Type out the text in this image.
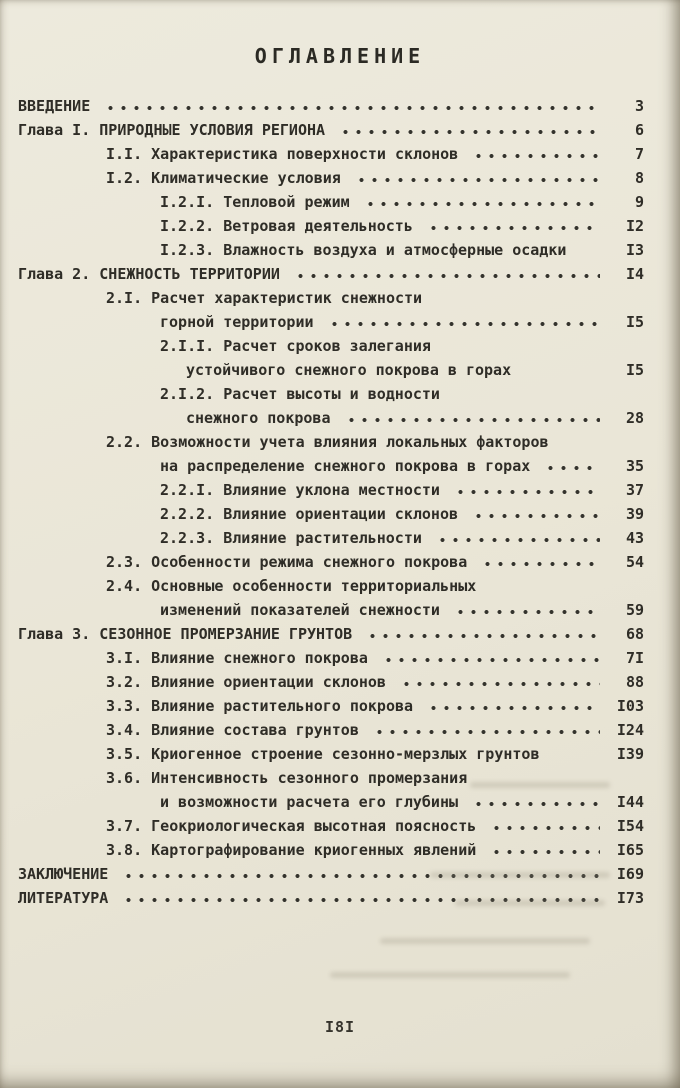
ОГЛАВЛЕНИЕ
ВВЕДЕНИЕ	3
Глава I. ПРИРОДНЫЕ УСЛОВИЯ РЕГИОНА	6
I.I. Характеристика поверхности склонов	7
I.2. Климатические условия	8
I.2.I. Тепловой режим	9
I.2.2. Ветровая деятельность	I2
I.2.3. Влажность воздуха и атмосферные осадки	I3
Глава 2. СНЕЖНОСТЬ ТЕРРИТОРИИ	I4
2.I. Расчет характеристик снежности
горной территории	I5
2.I.I. Расчет сроков залегания
устойчивого снежного покрова в горах	I5
2.I.2. Расчет высоты и водности
снежного покрова	28
2.2. Возможности учета влияния локальных факторов
на распределение снежного покрова в горах	35
2.2.I. Влияние уклона местности	37
2.2.2. Влияние ориентации склонов	39
2.2.3. Влияние растительности	43
2.3. Особенности режима снежного покрова	54
2.4. Основные особенности территориальных
изменений показателей снежности	59
Глава 3. СЕЗОННОЕ ПРОМЕРЗАНИЕ ГРУНТОВ	68
3.I. Влияние снежного покрова	7I
3.2. Влияние ориентации склонов	88
3.3. Влияние растительного покрова	I03
3.4. Влияние состава грунтов	I24
3.5. Криогенное строение сезонно-мерзлых грунтов	I39
3.6. Интенсивность сезонного промерзания
и возможности расчета его глубины	I44
3.7. Геокриологическая высотная поясность	I54
3.8. Картографирование криогенных явлений	I65
ЗАКЛЮЧЕНИЕ	I69
ЛИТЕРАТУРА	I73
I8I
